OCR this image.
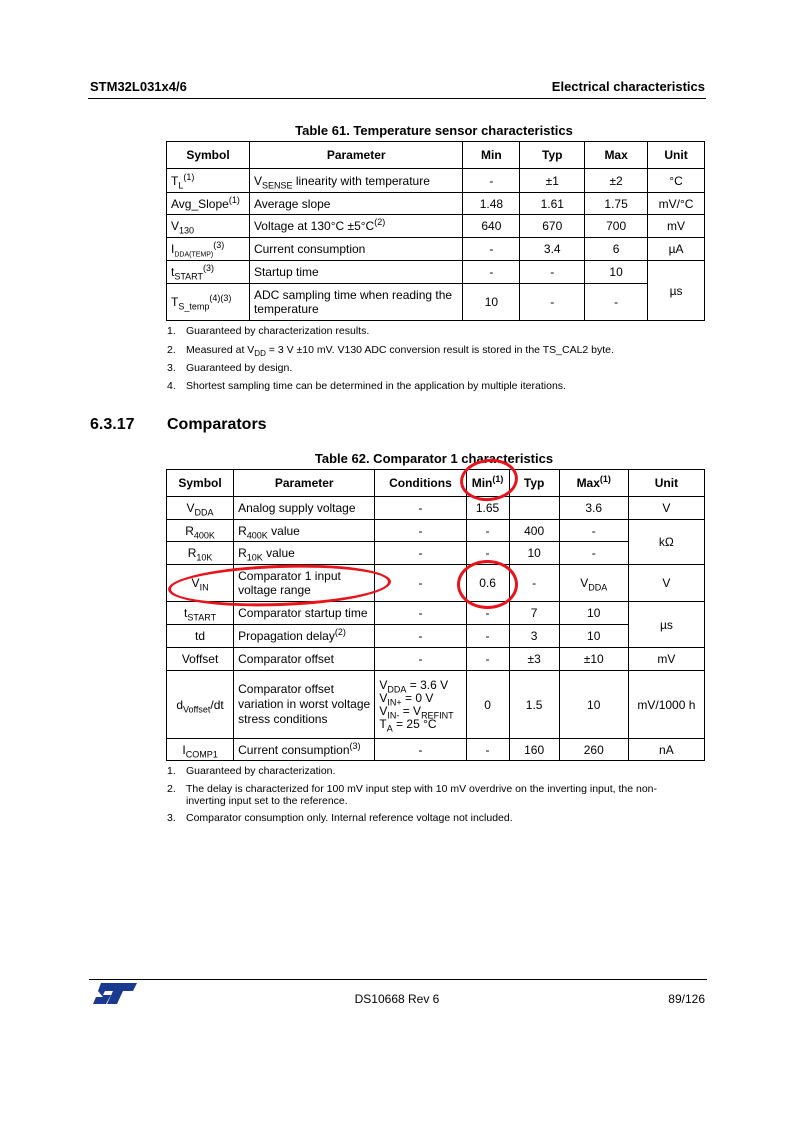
STM32L031x4/6	Electrical characteristics
Table 61. Temperature sensor characteristics
Symbol	Parameter	Min	Typ	Max	Unit
$T_L^{(1)}$	$V_{SENSE}$ linearity with temperature	-	±1	±2	°C
Avg_Slope$^{(1)}$	Average slope	1.48	1.61	1.75	mV/°C
$V_{130}$	Voltage at $130^\circ C \pm 5^\circ C^{(2)}$	640	670	700	mV
$I_{DDA(TEMP)}^{(3)}$	Current consumption	-	3.4	6	µA
$t_{START}^{(3)}$	Startup time	-	-	10	µs
$T_{S\_temp}^{(4)(3)}$	ADC sampling time when reading the temperature	10	-	-	
1. Guaranteed by characterization results.
2. Measured at $V_{DD} = 3$ V ±10 mV. V130 ADC conversion result is stored in the TS_CAL2 byte.
3. Guaranteed by design.
4. Shortest sampling time can be determined in the application by multiple iterations.
6.3.17 Comparators
Table 62. Comparator 1 characteristics
Symbol	Parameter	Conditions	Min$^{(1)}$	Typ	Max$^{(1)}$	Unit
$V_{DDA}$	Analog supply voltage	-	1.65		3.6	V
$R_{400K}$	$R_{400K}$ value	-	-	400	-	kΩ
$R_{10K}$	$R_{10K}$ value	-	-	10	-	
$V_{IN}$	Comparator 1 input voltage range	-	0.6	-	$V_{DDA}$	V
$t_{START}$	Comparator startup time	-	-	7	10	µs
td	Propagation delay$^{(2)}$	-	-	3	10	
Voffset	Comparator offset	-	-	±3	±10	mV
$d_{Voffset}/dt$	Comparator offset variation in worst voltage stress conditions	$V_{DDA} = 3.6$ V
$V_{IN+} = 0$ V
$V_{IN-} = V_{REFINT}$
$T_A = 25$ °C	0	1.5	10	mV/1000 h
$I_{COMP1}$	Current consumption$^{(3)}$	-	-	160	260	nA
1. Guaranteed by characterization.
2. The delay is characterized for 100 mV input step with 10 mV overdrive on the inverting input, the non-inverting input set to the reference.
3. Comparator consumption only. Internal reference voltage not included.
DS10668 Rev 6	89/126
